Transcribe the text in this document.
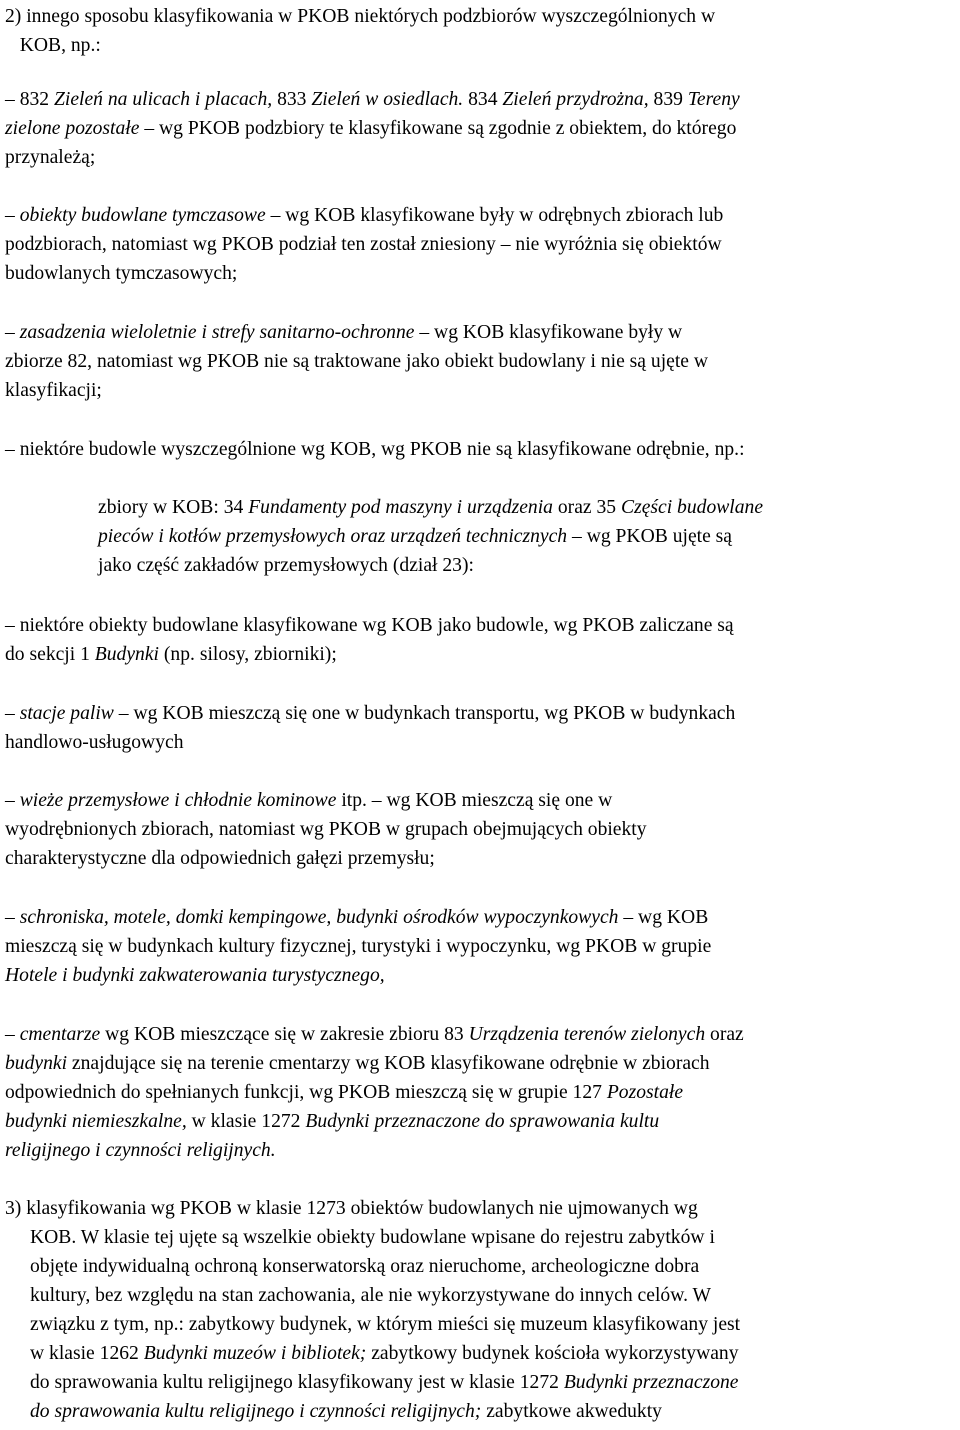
2) innego sposobu klasyfikowania w PKOB niektórych podzbiorów wyszczególnionych w
KOB, np.:
– 832 Zieleń na ulicach i placach, 833 Zieleń w osiedlach. 834 Zieleń przydrożna, 839 Tereny
zielone pozostałe – wg PKOB podzbiory te klasyfikowane są zgodnie z obiektem, do którego
przynależą;
– obiekty budowlane tymczasowe – wg KOB klasyfikowane były w odrębnych zbiorach lub
podzbiorach, natomiast wg PKOB podział ten został zniesiony – nie wyróżnia się obiektów
budowlanych tymczasowych;
– zasadzenia wieloletnie i strefy sanitarno-ochronne – wg KOB klasyfikowane były w
zbiorze 82, natomiast wg PKOB nie są traktowane jako obiekt budowlany i nie są ujęte w
klasyfikacji;
– niektóre budowle wyszczególnione wg KOB, wg PKOB nie są klasyfikowane odrębnie, np.:
zbiory w KOB: 34 Fundamenty pod maszyny i urządzenia oraz 35 Części budowlane
pieców i kotłów przemysłowych oraz urządzeń technicznych – wg PKOB ujęte są
jako część zakładów przemysłowych (dział 23):
– niektóre obiekty budowlane klasyfikowane wg KOB jako budowle, wg PKOB zaliczane są
do sekcji 1 Budynki (np. silosy, zbiorniki);
– stacje paliw – wg KOB mieszczą się one w budynkach transportu, wg PKOB w budynkach
handlowo-usługowych
– wieże przemysłowe i chłodnie kominowe itp. – wg KOB mieszczą się one w
wyodrębnionych zbiorach, natomiast wg PKOB w grupach obejmujących obiekty
charakterystyczne dla odpowiednich gałęzi przemysłu;
– schroniska, motele, domki kempingowe, budynki ośrodków wypoczynkowych – wg KOB
mieszczą się w budynkach kultury fizycznej, turystyki i wypoczynku, wg PKOB w grupie
Hotele i budynki zakwaterowania turystycznego,
– cmentarze wg KOB mieszczące się w zakresie zbioru 83 Urządzenia terenów zielonych oraz
budynki znajdujące się na terenie cmentarzy wg KOB klasyfikowane odrębnie w zbiorach
odpowiednich do spełnianych funkcji, wg PKOB mieszczą się w grupie 127 Pozostałe
budynki niemieszkalne, w klasie 1272 Budynki przeznaczone do sprawowania kultu
religijnego i czynności religijnych.
3) klasyfikowania wg PKOB w klasie 1273 obiektów budowlanych nie ujmowanych wg
KOB. W klasie tej ujęte są wszelkie obiekty budowlane wpisane do rejestru zabytków i
objęte indywidualną ochroną konserwatorską oraz nieruchome, archeologiczne dobra
kultury, bez względu na stan zachowania, ale nie wykorzystywane do innych celów. W
związku z tym, np.: zabytkowy budynek, w którym mieści się muzeum klasyfikowany jest
w klasie 1262 Budynki muzeów i bibliotek; zabytkowy budynek kościoła wykorzystywany
do sprawowania kultu religijnego klasyfikowany jest w klasie 1272 Budynki przeznaczone
do sprawowania kultu religijnego i czynności religijnych; zabytkowe akwedukty
